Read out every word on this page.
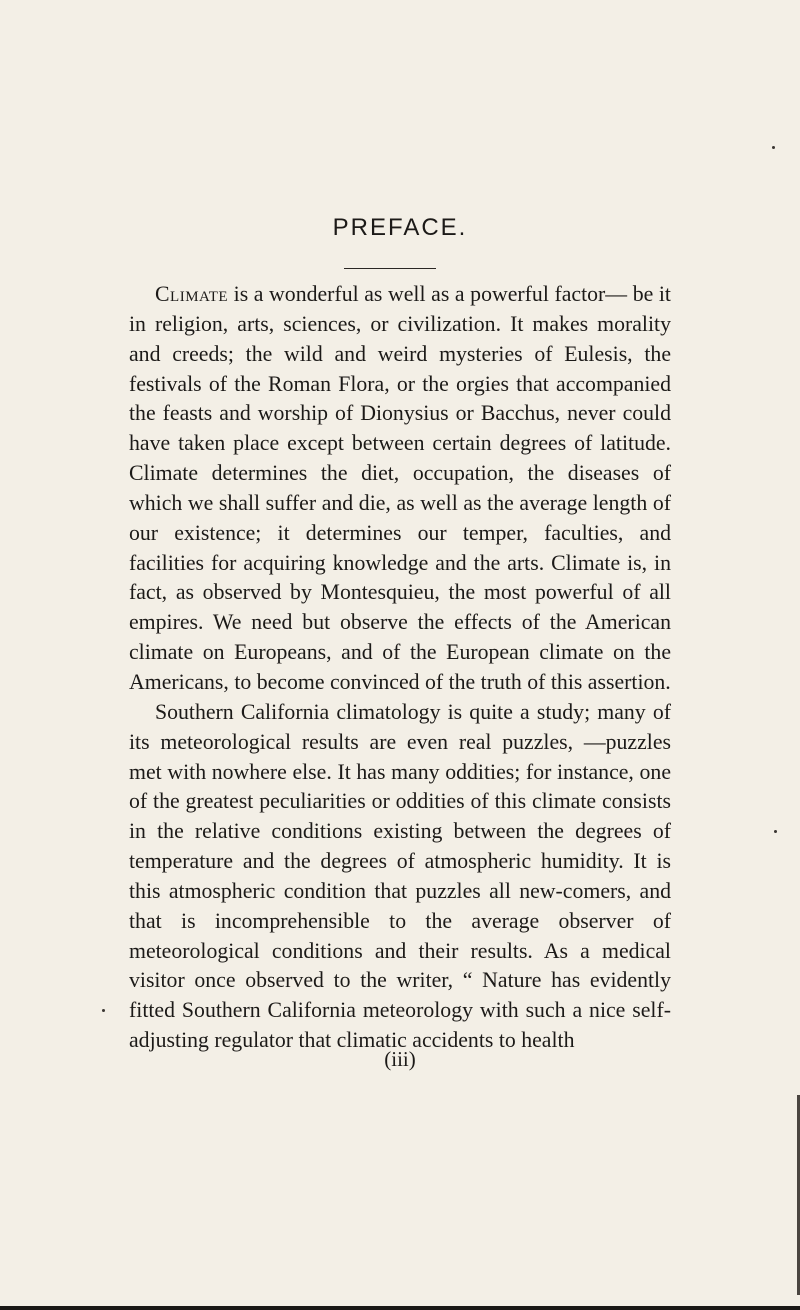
PREFACE.

Climate is a wonderful as well as a powerful factor— be it in religion, arts, sciences, or civilization. It makes morality and creeds; the wild and weird mysteries of Eulesis, the festivals of the Roman Flora, or the orgies that accompanied the feasts and worship of Dionysius or Bacchus, never could have taken place except between certain degrees of latitude. Climate determines the diet, occupation, the diseases of which we shall suffer and die, as well as the average length of our existence; it determines our temper, faculties, and facilities for acquiring knowledge and the arts. Climate is, in fact, as observed by Montesquieu, the most powerful of all empires. We need but observe the effects of the American climate on Europeans, and of the European climate on the Americans, to become convinced of the truth of this assertion.

Southern California climatology is quite a study; many of its meteorological results are even real puzzles, —puzzles met with nowhere else. It has many oddities; for instance, one of the greatest peculiarities or oddities of this climate consists in the relative conditions existing between the degrees of temperature and the degrees of atmospheric humidity. It is this atmospheric condition that puzzles all new-comers, and that is incomprehensible to the average observer of meteorological conditions and their results. As a medical visitor once observed to the writer, “ Nature has evidently fitted Southern California meteorology with such a nice self-adjusting regulator that climatic accidents to health

(iii)
